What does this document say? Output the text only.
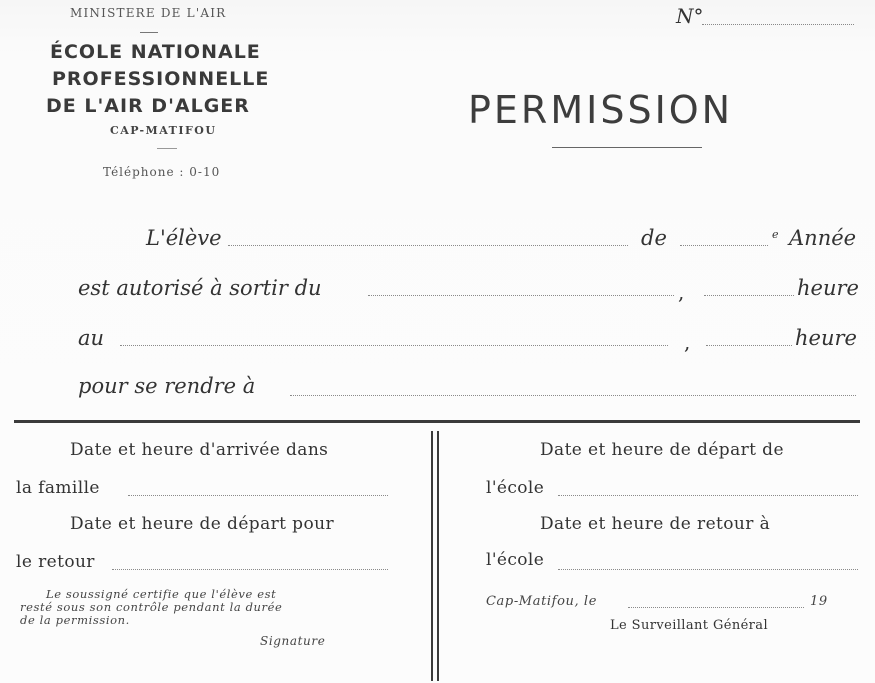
MINISTERE DE L'AIR
ÉCOLE NATIONALE
PROFESSIONNELLE
DE L'AIR D'ALGER
CAP-MATIFOU
Téléphone : 0-10
N°
PERMISSION
L'élève	de	e Année
est autorisé à sortir du	,	heure
au	,	heure
pour se rendre à
Date et heure d'arrivée dans
la famille
Date et heure de départ pour
le retour
Le soussigné certifie que l'élève est
resté sous son contrôle pendant la durée
de la permission.
Signature
Date et heure de départ de
l'école
Date et heure de retour à
l'école
Cap-Matifou, le	19
Le Surveillant Général
